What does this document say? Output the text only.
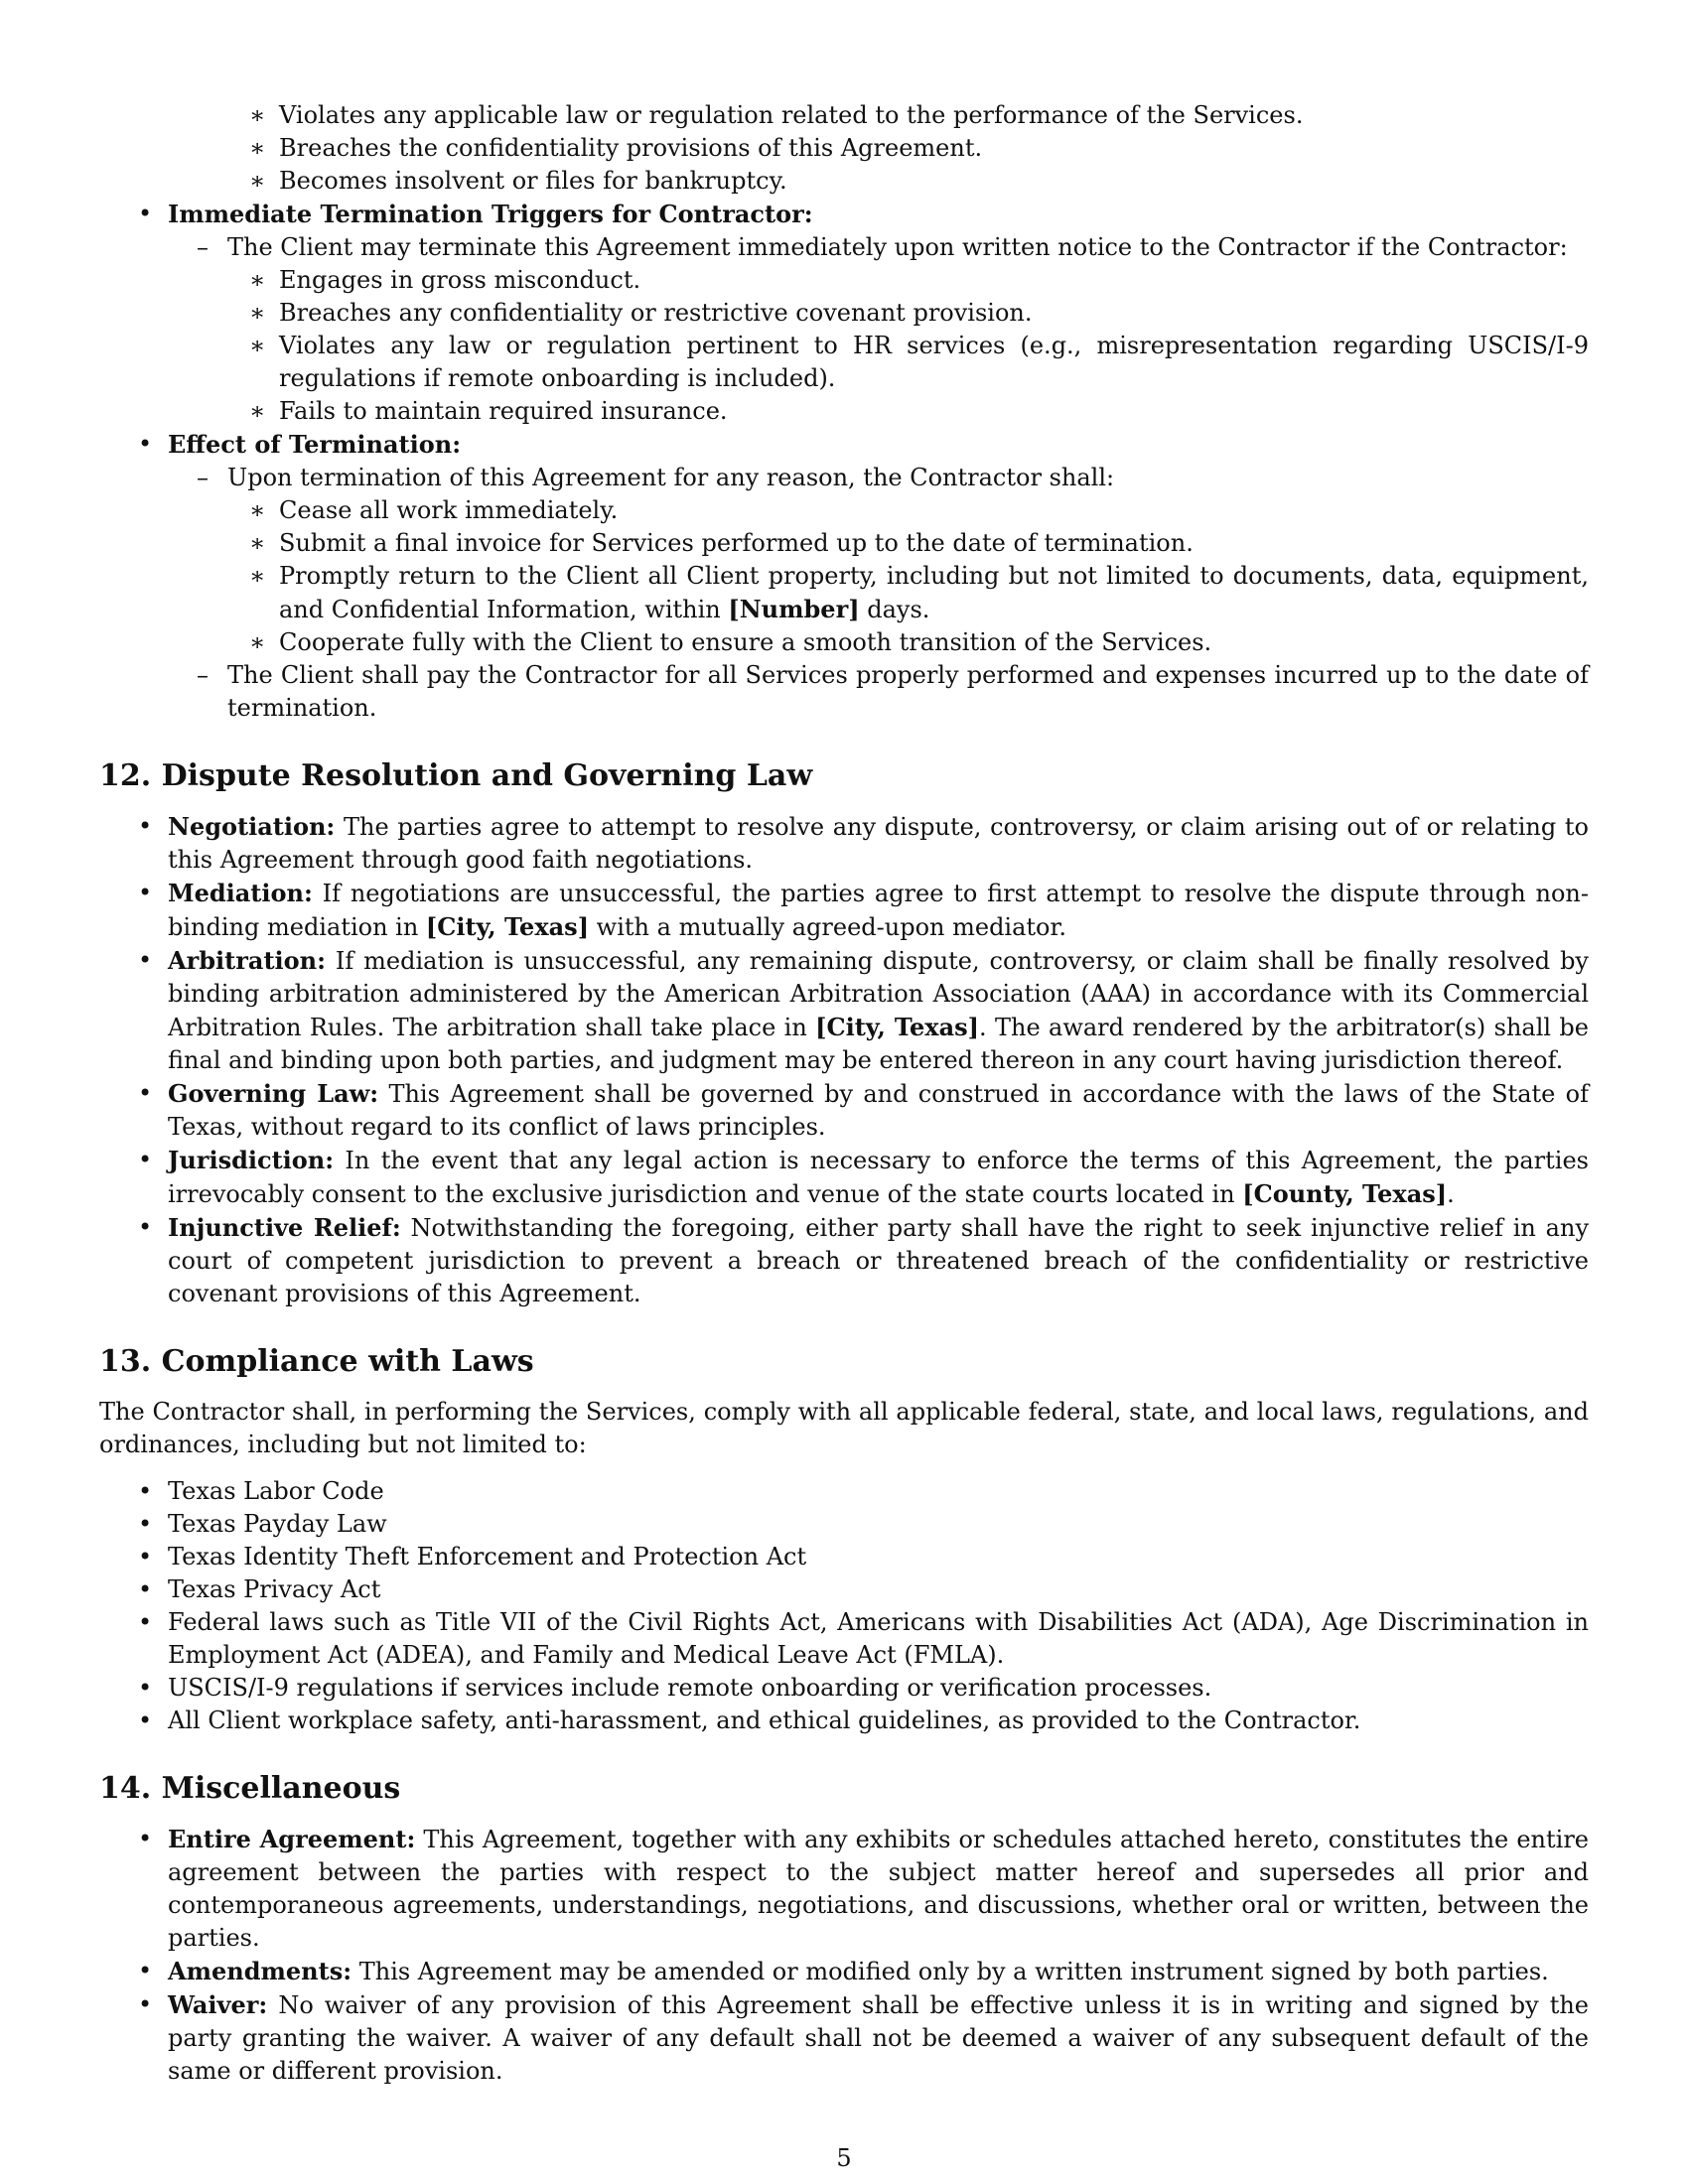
∗ Violates any applicable law or regulation related to the performance of the Services.
∗ Breaches the confidentiality provisions of this Agreement.
∗ Becomes insolvent or files for bankruptcy.
• Immediate Termination Triggers for Contractor:
– The Client may terminate this Agreement immediately upon written notice to the Contractor if the Contractor:
∗ Engages in gross misconduct.
∗ Breaches any confidentiality or restrictive covenant provision.
∗ Violates any law or regulation pertinent to HR services (e.g., misrepresentation regarding USCIS/I-9 regulations if remote onboarding is included).
∗ Fails to maintain required insurance.
• Effect of Termination:
– Upon termination of this Agreement for any reason, the Contractor shall:
∗ Cease all work immediately.
∗ Submit a final invoice for Services performed up to the date of termination.
∗ Promptly return to the Client all Client property, including but not limited to documents, data, equipment, and Confidential Information, within [Number] days.
∗ Cooperate fully with the Client to ensure a smooth transition of the Services.
– The Client shall pay the Contractor for all Services properly performed and expenses incurred up to the date of termination.
12. Dispute Resolution and Governing Law
• Negotiation: The parties agree to attempt to resolve any dispute, controversy, or claim arising out of or relating to this Agreement through good faith negotiations.
• Mediation: If negotiations are unsuccessful, the parties agree to first attempt to resolve the dispute through non-binding mediation in [City, Texas] with a mutually agreed-upon mediator.
• Arbitration: If mediation is unsuccessful, any remaining dispute, controversy, or claim shall be finally resolved by binding arbitration administered by the American Arbitration Association (AAA) in accordance with its Commercial Arbitration Rules. The arbitration shall take place in [City, Texas]. The award rendered by the arbitrator(s) shall be final and binding upon both parties, and judgment may be entered thereon in any court having jurisdiction thereof.
• Governing Law: This Agreement shall be governed by and construed in accordance with the laws of the State of Texas, without regard to its conflict of laws principles.
• Jurisdiction: In the event that any legal action is necessary to enforce the terms of this Agreement, the parties irrevocably consent to the exclusive jurisdiction and venue of the state courts located in [County, Texas].
• Injunctive Relief: Notwithstanding the foregoing, either party shall have the right to seek injunctive relief in any court of competent jurisdiction to prevent a breach or threatened breach of the confidentiality or restrictive covenant provisions of this Agreement.
13. Compliance with Laws

The Contractor shall, in performing the Services, comply with all applicable federal, state, and local laws, regulations, and ordinances, including but not limited to:

• Texas Labor Code
• Texas Payday Law
• Texas Identity Theft Enforcement and Protection Act
• Texas Privacy Act
• Federal laws such as Title VII of the Civil Rights Act, Americans with Disabilities Act (ADA), Age Discrimination in Employment Act (ADEA), and Family and Medical Leave Act (FMLA).
• USCIS/I-9 regulations if services include remote onboarding or verification processes.
• All Client workplace safety, anti-harassment, and ethical guidelines, as provided to the Contractor.
14. Miscellaneous
• Entire Agreement: This Agreement, together with any exhibits or schedules attached hereto, constitutes the entire agreement between the parties with respect to the subject matter hereof and supersedes all prior and contemporaneous agreements, understandings, negotiations, and discussions, whether oral or written, between the parties.
• Amendments: This Agreement may be amended or modified only by a written instrument signed by both parties.
• Waiver: No waiver of any provision of this Agreement shall be effective unless it is in writing and signed by the party granting the waiver. A waiver of any default shall not be deemed a waiver of any subsequent default of the same or different provision.
5
